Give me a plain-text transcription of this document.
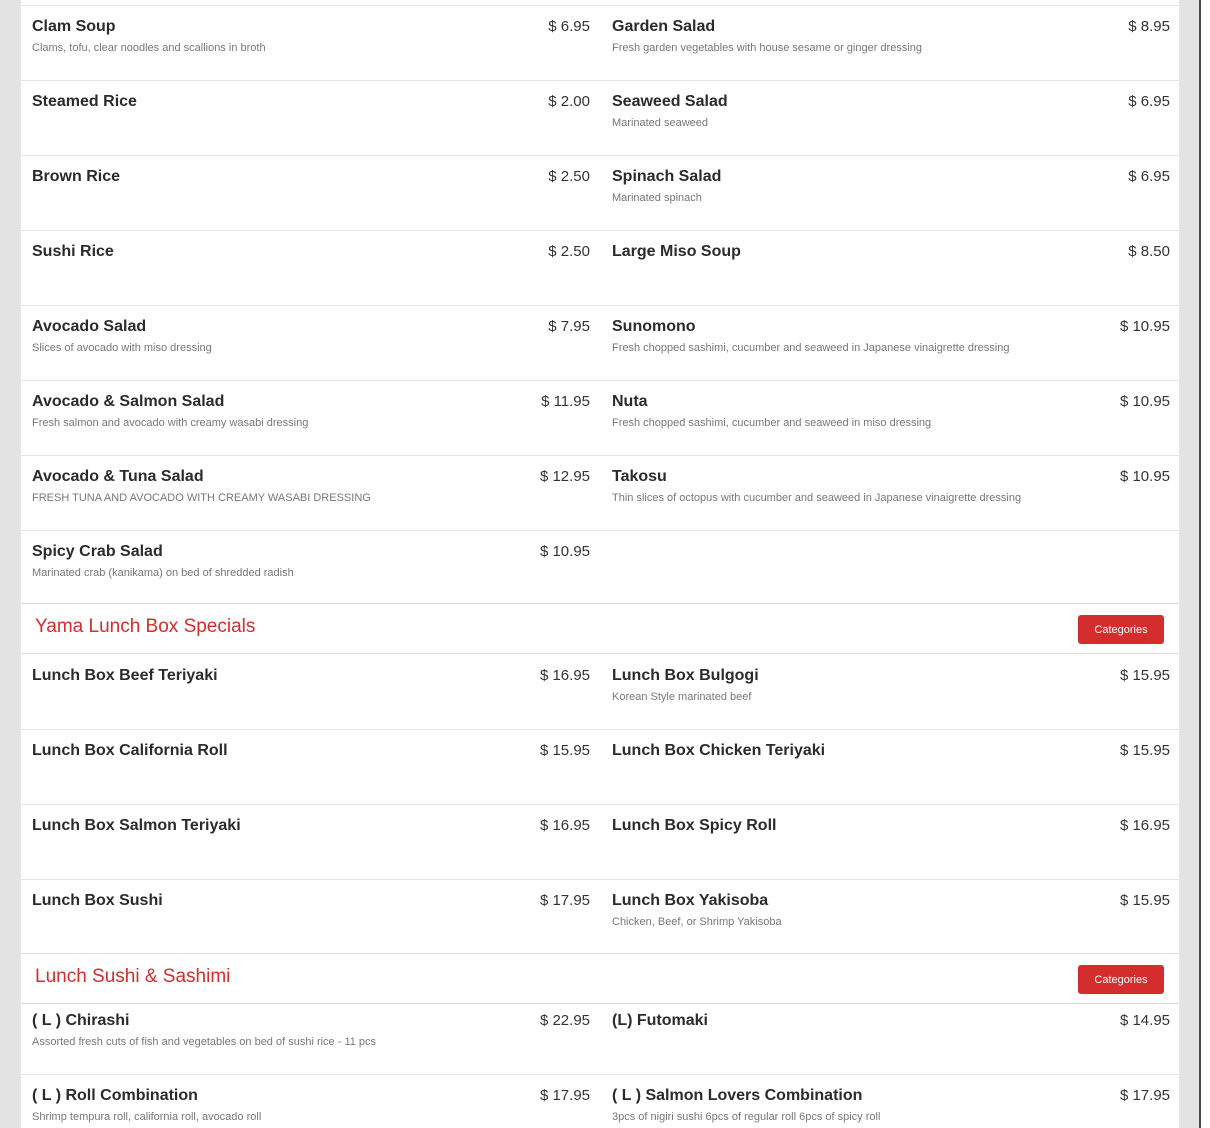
Clam Soup	$ 6.95
Clams, tofu, clear noodles and scallions in broth
Steamed Rice	$ 2.00
Brown Rice	$ 2.50
Sushi Rice	$ 2.50
Avocado Salad	$ 7.95
Slices of avocado with miso dressing
Avocado & Salmon Salad	$ 11.95
Fresh salmon and avocado with creamy wasabi dressing
Avocado & Tuna Salad	$ 12.95
FRESH TUNA AND AVOCADO WITH CREAMY WASABI DRESSING
Spicy Crab Salad	$ 10.95
Marinated crab (kanikama) on bed of shredded radish
Garden Salad	$ 8.95
Fresh garden vegetables with house sesame or ginger dressing
Seaweed Salad	$ 6.95
Marinated seaweed
Spinach Salad	$ 6.95
Marinated spinach
Large Miso Soup	$ 8.50
Sunomono	$ 10.95
Fresh chopped sashimi, cucumber and seaweed in Japanese vinaigrette dressing
Nuta	$ 10.95
Fresh chopped sashimi, cucumber and seaweed in miso dressing
Takosu	$ 10.95
Thin slices of octopus with cucumber and seaweed in Japanese vinaigrette dressing
Yama Lunch Box Specials	Categories
Lunch Box Beef Teriyaki	$ 16.95
Lunch Box California Roll	$ 15.95
Lunch Box Salmon Teriyaki	$ 16.95
Lunch Box Sushi	$ 17.95
Lunch Box Bulgogi	$ 15.95
Korean Style marinated beef
Lunch Box Chicken Teriyaki	$ 15.95
Lunch Box Spicy Roll	$ 16.95
Lunch Box Yakisoba	$ 15.95
Chicken, Beef, or Shrimp Yakisoba
Lunch Sushi & Sashimi	Categories
( L ) Chirashi	$ 22.95
Assorted fresh cuts of fish and vegetables on bed of sushi rice - 11 pcs
( L ) Roll Combination	$ 17.95
Shrimp tempura roll, california roll, avocado roll
(L) Futomaki	$ 14.95
( L ) Salmon Lovers Combination	$ 17.95
3pcs of nigiri sushi 6pcs of regular roll 6pcs of spicy roll
